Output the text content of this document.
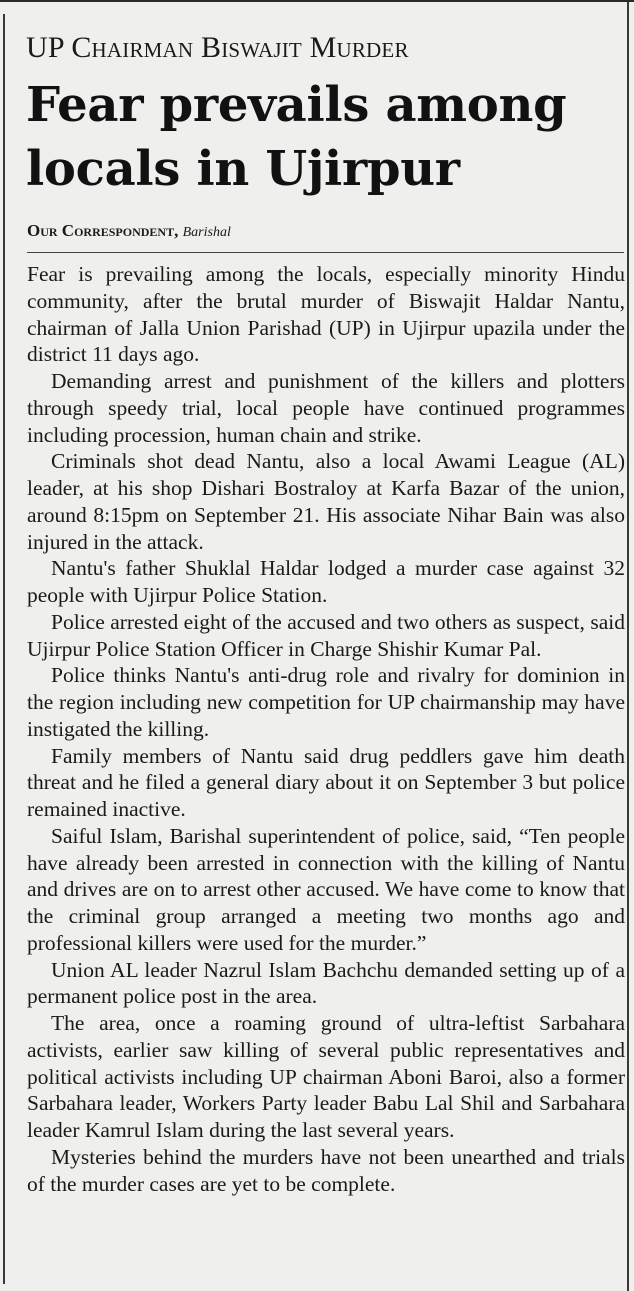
UP Chairman Biswajit Murder
Fear prevails among locals in Ujirpur
Our Correspondent, Barishal

Fear is prevailing among the locals, especially minority Hindu community, after the brutal murder of Biswajit Haldar Nantu, chairman of Jalla Union Parishad (UP) in Ujirpur upazila under the district 11 days ago.

Demanding arrest and punishment of the killers and plotters through speedy trial, local people have continued programmes including procession, human chain and strike.

Criminals shot dead Nantu, also a local Awami League (AL) leader, at his shop Dishari Bostraloy at Karfa Bazar of the union, around 8:15pm on September 21. His associate Nihar Bain was also injured in the attack.

Nantu's father Shuklal Haldar lodged a murder case against 32 people with Ujirpur Police Station.

Police arrested eight of the accused and two others as suspect, said Ujirpur Police Station Officer in Charge Shishir Kumar Pal.

Police thinks Nantu's anti-drug role and rivalry for dominion in the region including new competition for UP chairmanship may have instigated the killing.

Family members of Nantu said drug peddlers gave him death threat and he filed a general diary about it on September 3 but police remained inactive.

Saiful Islam, Barishal superintendent of police, said, “Ten people have already been arrested in connection with the killing of Nantu and drives are on to arrest other accused. We have come to know that the criminal group arranged a meeting two months ago and professional killers were used for the murder.”

Union AL leader Nazrul Islam Bachchu demanded setting up of a permanent police post in the area.

The area, once a roaming ground of ultra-leftist Sarbahara activists, earlier saw killing of several public representatives and political activists including UP chairman Aboni Baroi, also a former Sarbahara leader, Workers Party leader Babu Lal Shil and Sarbahara leader Kamrul Islam during the last several years.

Mysteries behind the murders have not been unearthed and trials of the murder cases are yet to be complete.
